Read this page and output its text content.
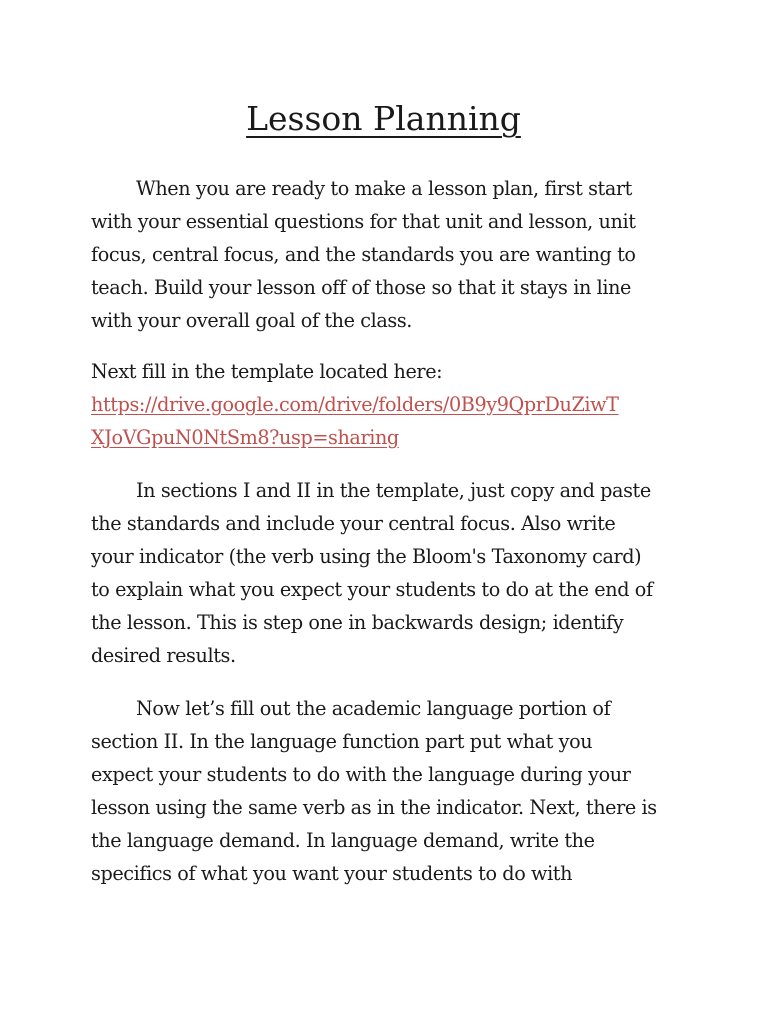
Lesson Planning

When you are ready to make a lesson plan, first start
with your essential questions for that unit and lesson, unit
focus, central focus, and the standards you are wanting to
teach. Build your lesson off of those so that it stays in line
with your overall goal of the class.

Next fill in the template located here:
https://drive.google.com/drive/folders/0B9y9QprDuZiwT
XJoVGpuN0NtSm8?usp=sharing

In sections I and II in the template, just copy and paste
the standards and include your central focus. Also write
your indicator (the verb using the Bloom's Taxonomy card)
to explain what you expect your students to do at the end of
the lesson. This is step one in backwards design; identify
desired results.

Now let’s fill out the academic language portion of
section II. In the language function part put what you
expect your students to do with the language during your
lesson using the same verb as in the indicator. Next, there is
the language demand. In language demand, write the
specifics of what you want your students to do with
